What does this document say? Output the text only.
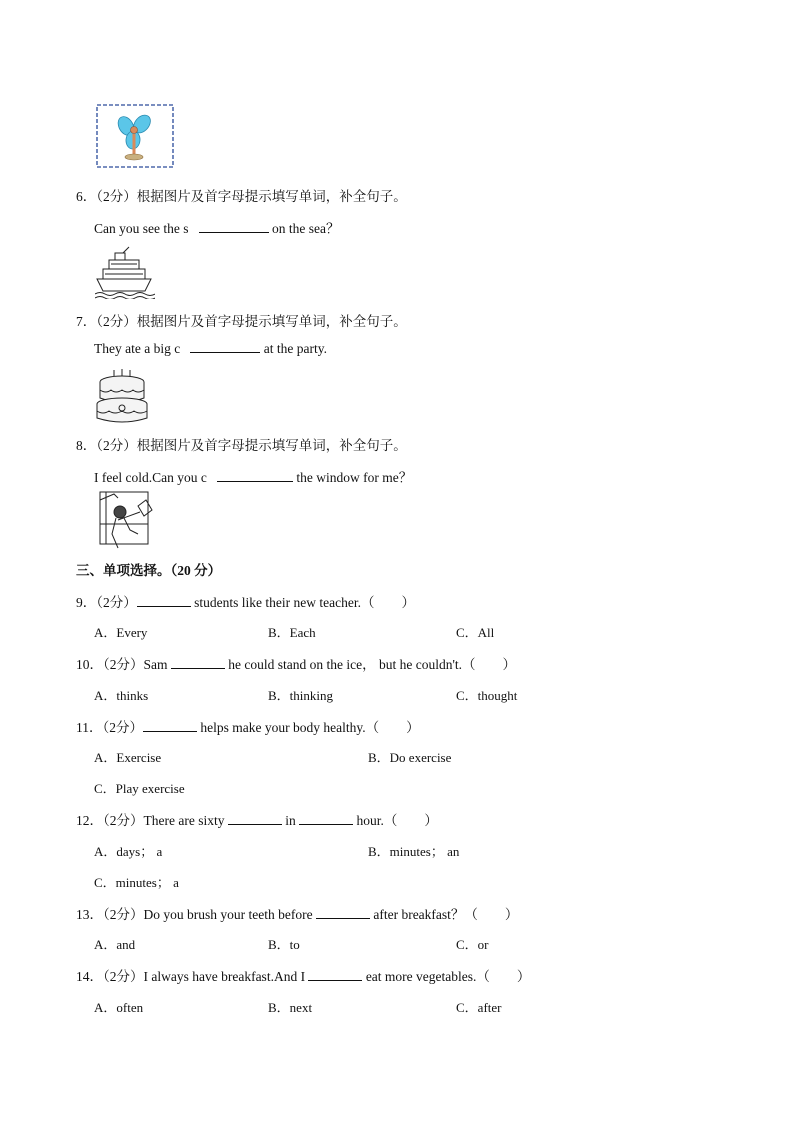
6．（2分）根据图片及首字母提示填写单词，补全句子。
Can you see the s	on the sea？
7．（2分）根据图片及首字母提示填写单词，补全句子。
They ate a big c	at the party.
8．（2分）根据图片及首字母提示填写单词，补全句子。
I feel cold.Can you c	the window for me？
三、单项选择。（20 分）
9．（2分）	students like their new teacher.（　　）
A．Every	B．Each	C．All
10．（2分）Sam	he could stand on the ice， but he couldn't.（　　）
A．thinks	B．thinking	C．thought
11．（2分）	helps make your body healthy.（　　）
A．Exercise	B．Do exercise
C．Play exercise
12．（2分）There are sixty	in	hour.（　　）
A．days； a	B．minutes； an
C．minutes； a
13．（2分）Do you brush your teeth before	after breakfast？（　　）
A．and	B．to	C．or
14．（2分）I always have breakfast.And I	eat more vegetables.（　　）
A．often	B．next	C．after
